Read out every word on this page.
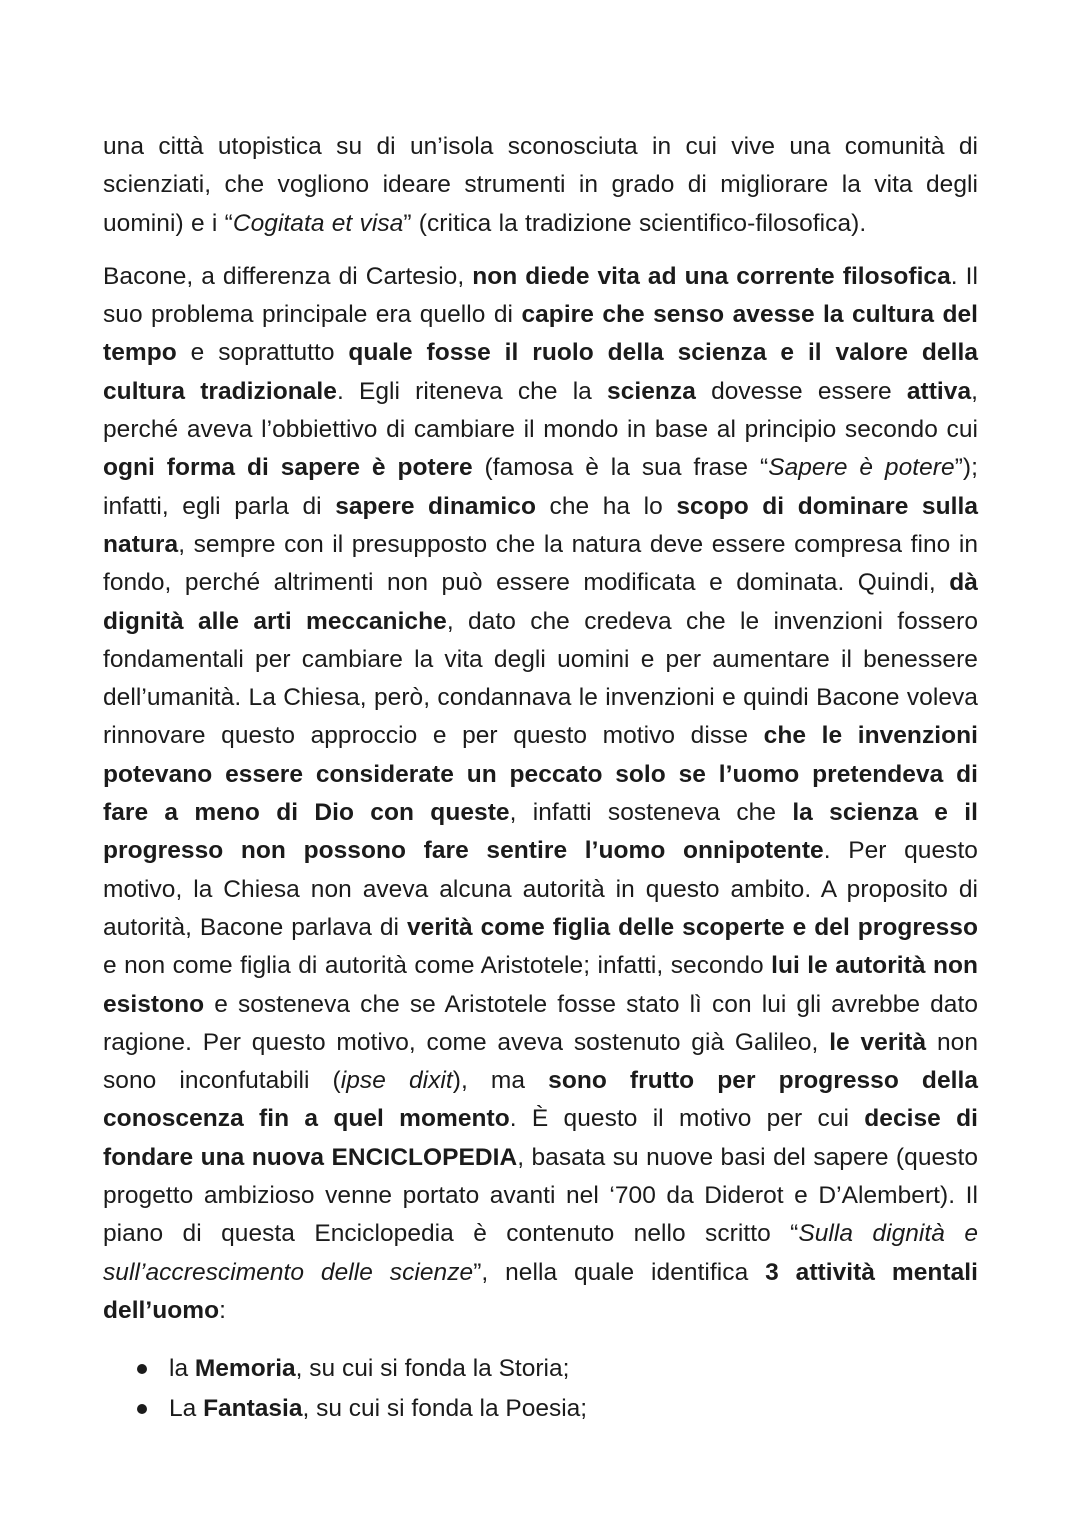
una città utopistica su di un’isola sconosciuta in cui vive una comunità di scienziati, che vogliono ideare strumenti in grado di migliorare la vita degli uomini) e i “Cogitata et visa” (critica la tradizione scientifico-filosofica).

Bacone, a differenza di Cartesio, non diede vita ad una corrente filosofica. Il suo problema principale era quello di capire che senso avesse la cultura del tempo e soprattutto quale fosse il ruolo della scienza e il valore della cultura tradizionale. Egli riteneva che la scienza dovesse essere attiva, perché aveva l’obbiettivo di cambiare il mondo in base al principio secondo cui ogni forma di sapere è potere (famosa è la sua frase “Sapere è potere”); infatti, egli parla di sapere dinamico che ha lo scopo di dominare sulla natura, sempre con il presupposto che la natura deve essere compresa fino in fondo, perché altrimenti non può essere modificata e dominata. Quindi, dà dignità alle arti meccaniche, dato che credeva che le invenzioni fossero fondamentali per cambiare la vita degli uomini e per aumentare il benessere dell’umanità. La Chiesa, però, condannava le invenzioni e quindi Bacone voleva rinnovare questo approccio e per questo motivo disse che le invenzioni potevano essere considerate un peccato solo se l’uomo pretendeva di fare a meno di Dio con queste, infatti sosteneva che la scienza e il progresso non possono fare sentire l’uomo onnipotente. Per questo motivo, la Chiesa non aveva alcuna autorità in questo ambito. A proposito di autorità, Bacone parlava di verità come figlia delle scoperte e del progresso e non come figlia di autorità come Aristotele; infatti, secondo lui le autorità non esistono e sosteneva che se Aristotele fosse stato lì con lui gli avrebbe dato ragione. Per questo motivo, come aveva sostenuto già Galileo, le verità non sono inconfutabili (ipse dixit), ma sono frutto per progresso della conoscenza fin a quel momento. È questo il motivo per cui decise di fondare una nuova ENCICLOPEDIA, basata su nuove basi del sapere (questo progetto ambizioso venne portato avanti nel ‘700 da Diderot e D’Alembert). Il piano di questa Enciclopedia è contenuto nello scritto “Sulla dignità e sull’accrescimento delle scienze”, nella quale identifica 3 attività mentali dell’uomo:

la Memoria, su cui si fonda la Storia;
La Fantasia, su cui si fonda la Poesia;
